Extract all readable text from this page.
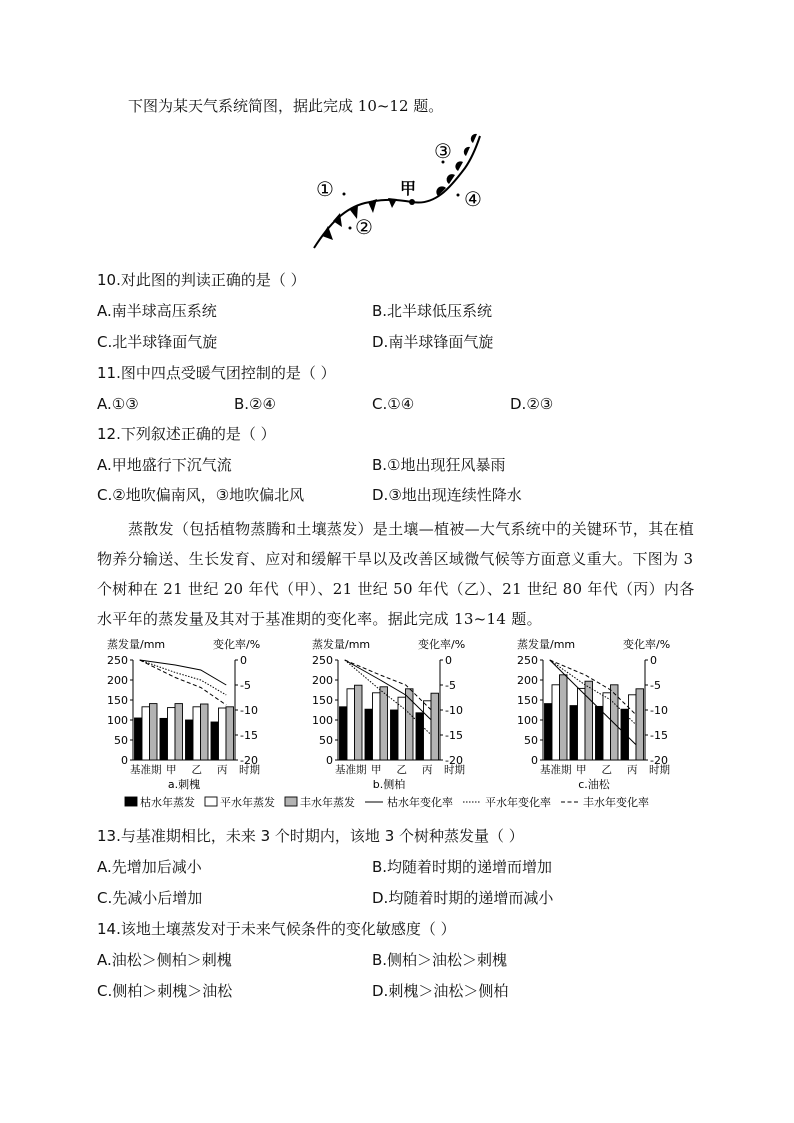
下图为某天气系统简图，据此完成 10~12 题。
①
②
③
④
甲
10.对此图的判读正确的是（ ）
A.南半球高压系统	B.北半球低压系统
C.北半球锋面气旋	D.南半球锋面气旋
11.图中四点受暖气团控制的是（ ）
A.①③	B.②④	C.①④	D.②③
12.下列叙述正确的是（ ）
A.甲地盛行下沉气流	B.①地出现狂风暴雨
C.②地吹偏南风，③地吹偏北风	D.③地出现连续性降水
蒸散发（包括植物蒸腾和土壤蒸发）是土壤—植被—大气系统中的关键环节，其在植物养分输送、生长发育、应对和缓解干旱以及改善区域微气候等方面意义重大。下图为 3 个树种在 21 世纪 20 年代（甲）、21 世纪 50 年代（乙）、21 世纪 80 年代（丙）内各水平年的蒸发量及其对于基准期的变化率。据此完成 13~14 题。
蒸发量/mm	变化率/%
0
50
100
150
200
250	0
-5
-10
-15
-20
基准期 甲 乙 丙 时期
a.刺槐
蒸发量/mm	变化率/%
0
50
100
150
200
250	0
-5
-10
-15
-20
基准期 甲 乙 丙 时期
b.侧柏
蒸发量/mm	变化率/%
0
50
100
150
200
250	0
-5
-10
-15
-20
基准期 甲 乙 丙 时期
c.油松
枯水年蒸发 平水年蒸发 丰水年蒸发	枯水年变化率	平水年变化率	丰水年变化率
13.与基准期相比，未来 3 个时期内，该地 3 个树种蒸发量（ ）
A.先增加后减小	B.均随着时期的递增而增加
C.先减小后增加	D.均随着时期的递增而减小
14.该地土壤蒸发对于未来气候条件的变化敏感度（ ）
A.油松＞侧柏＞刺槐	B.侧柏＞油松＞刺槐
C.侧柏＞刺槐＞油松	D.刺槐＞油松＞侧柏
